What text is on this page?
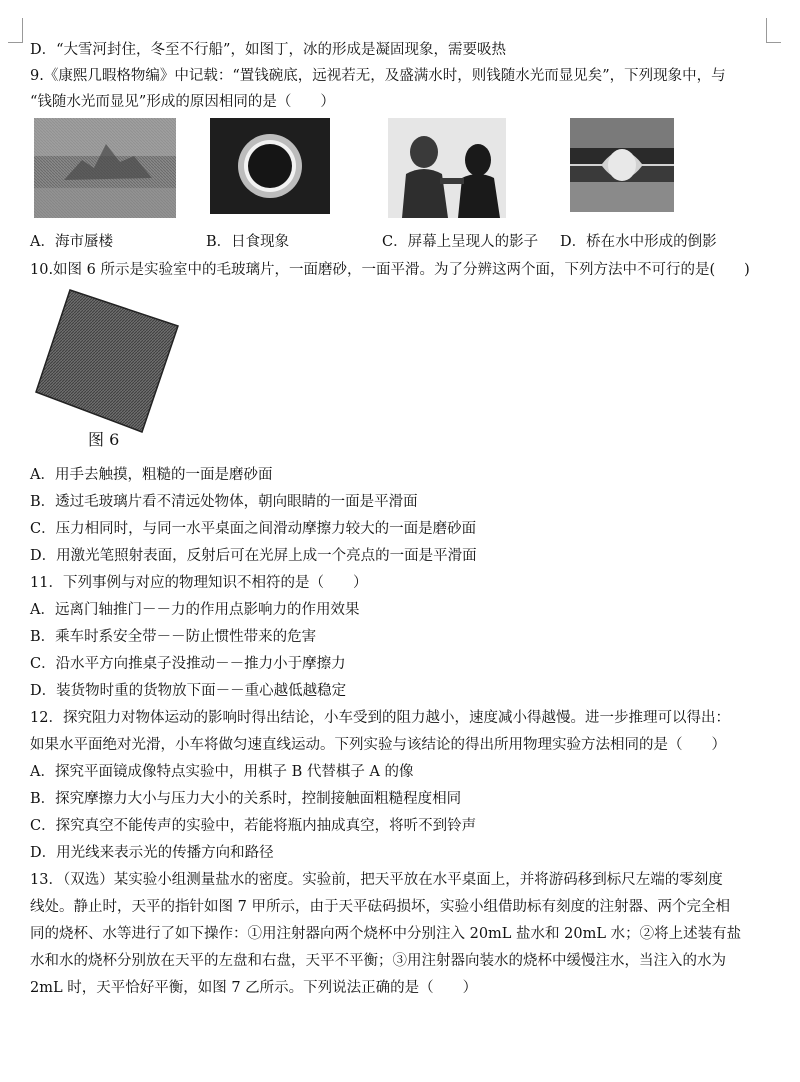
D．“大雪河封住，冬至不行船”，如图丁，冰的形成是凝固现象，需要吸热

9.《康熙几暇格物编》中记载：“置钱碗底，远视若无，及盛满水时，则钱随水光而显见矣”，下列现象中，与

“钱随水光而显见”形成的原因相同的是（　　）

A．海市蜃楼	B．日食现象	C．屏幕上呈现人的影子 D．桥在水中形成的倒影

10.如图 6 所示是实验室中的毛玻璃片，一面磨砂，一面平滑。为了分辨这两个面，下列方法中不可行的是(　　)

图 6

A．用手去触摸，粗糙的一面是磨砂面

B．透过毛玻璃片看不清远处物体，朝向眼睛的一面是平滑面

C．压力相同时，与同一水平桌面之间滑动摩擦力较大的一面是磨砂面

D．用激光笔照射表面，反射后可在光屏上成一个亮点的一面是平滑面

11．下列事例与对应的物理知识不相符的是（　　）

A．远离门轴推门－－力的作用点影响力的作用效果

B．乘车时系安全带－－防止惯性带来的危害

C．沿水平方向推桌子没推动－－推力小于摩擦力

D．装货物时重的货物放下面－－重心越低越稳定

12．探究阻力对物体运动的影响时得出结论，小车受到的阻力越小，速度减小得越慢。进一步推理可以得出：

如果水平面绝对光滑，小车将做匀速直线运动。下列实验与该结论的得出所用物理实验方法相同的是（　　）

A．探究平面镜成像特点实验中，用棋子 B 代替棋子 A 的像

B．探究摩擦力大小与压力大小的关系时，控制接触面粗糙程度相同

C．探究真空不能传声的实验中，若能将瓶内抽成真空，将听不到铃声

D．用光线来表示光的传播方向和路径

13．（双选）某实验小组测量盐水的密度。实验前，把天平放在水平桌面上，并将游码移到标尺左端的零刻度

线处。静止时，天平的指针如图 7 甲所示，由于天平砝码损坏，实验小组借助标有刻度的注射器、两个完全相

同的烧杯、水等进行了如下操作：①用注射器向两个烧杯中分别注入 20mL 盐水和 20mL 水；②将上述装有盐

水和水的烧杯分别放在天平的左盘和右盘，天平不平衡；③用注射器向装水的烧杯中缓慢注水，当注入的水为

2mL 时，天平恰好平衡，如图 7 乙所示。下列说法正确的是（　　）
